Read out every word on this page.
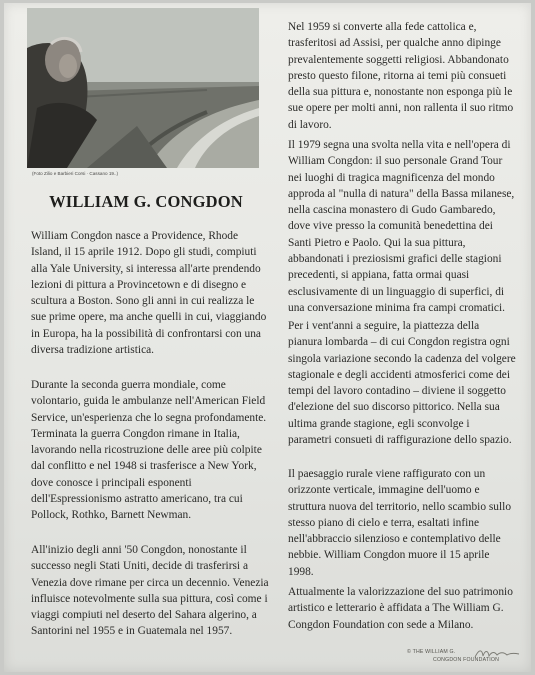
(Foto Zilio e Barbieri Corsi · Cassano 19..)
WILLIAM G. CONGDON

William Congdon nasce a Providence, Rhode Island, il 15 aprile 1912. Dopo gli studi, compiuti alla Yale University, si interessa all'arte prendendo lezioni di pittura a Provincetown e di disegno e scultura a Boston. Sono gli anni in cui realizza le sue prime opere, ma anche quelli in cui, viaggiando in Europa, ha la possibilità di confrontarsi con una diversa tradizione artistica.

Durante la seconda guerra mondiale, come volontario, guida le ambulanze nell'American Field Service, un'esperienza che lo segna profondamente. Terminata la guerra Congdon rimane in Italia, lavorando nella ricostruzione delle aree più colpite dal conflitto e nel 1948 si trasferisce a New York, dove conosce i principali esponenti dell'Espressionismo astratto americano, tra cui Pollock, Rothko, Barnett Newman.

All'inizio degli anni '50 Congdon, nonostante il successo negli Stati Uniti, decide di trasferirsi a Venezia dove rimane per circa un decennio. Venezia influisce notevolmente sulla sua pittura, così come i viaggi compiuti nel deserto del Sahara algerino, a Santorini nel 1955 e in Guatemala nel 1957.

Nel 1959 si converte alla fede cattolica e, trasferitosi ad Assisi, per qualche anno dipinge prevalentemente soggetti religiosi. Abbandonato presto questo filone, ritorna ai temi più consueti della sua pittura e, nonostante non esponga più le sue opere per molti anni, non rallenta il suo ritmo di lavoro.

Il 1979 segna una svolta nella vita e nell'opera di William Congdon: il suo personale Grand Tour nei luoghi di tragica magnificenza del mondo approda al "nulla di natura" della Bassa milanese, nella cascina monastero di Gudo Gambaredo, dove vive presso la comunità benedettina dei Santi Pietro e Paolo. Qui la sua pittura, abbandonati i preziosismi grafici delle stagioni precedenti, si appiana, fatta ormai quasi esclusivamente di un linguaggio di superfici, di una conversazione minima fra campi cromatici.

Per i vent'anni a seguire, la piattezza della pianura lombarda – di cui Congdon registra ogni singola variazione secondo la cadenza del volgere stagionale e degli accidenti atmosferici come dei tempi del lavoro contadino – diviene il soggetto d'elezione del suo discorso pittorico. Nella sua ultima grande stagione, egli sconvolge i parametri consueti di raffigurazione dello spazio.

Il paesaggio rurale viene raffigurato con un orizzonte verticale, immagine dell'uomo e struttura nuova del territorio, nello scambio sullo stesso piano di cielo e terra, esaltati infine nell'abbraccio silenzioso e contemplativo delle nebbie. William Congdon muore il 15 aprile 1998.

Attualmente la valorizzazione del suo patrimonio artistico e letterario è affidata a The William G. Congdon Foundation con sede a Milano.

© THE WILLIAM G.
CONGDON FOUNDATION
